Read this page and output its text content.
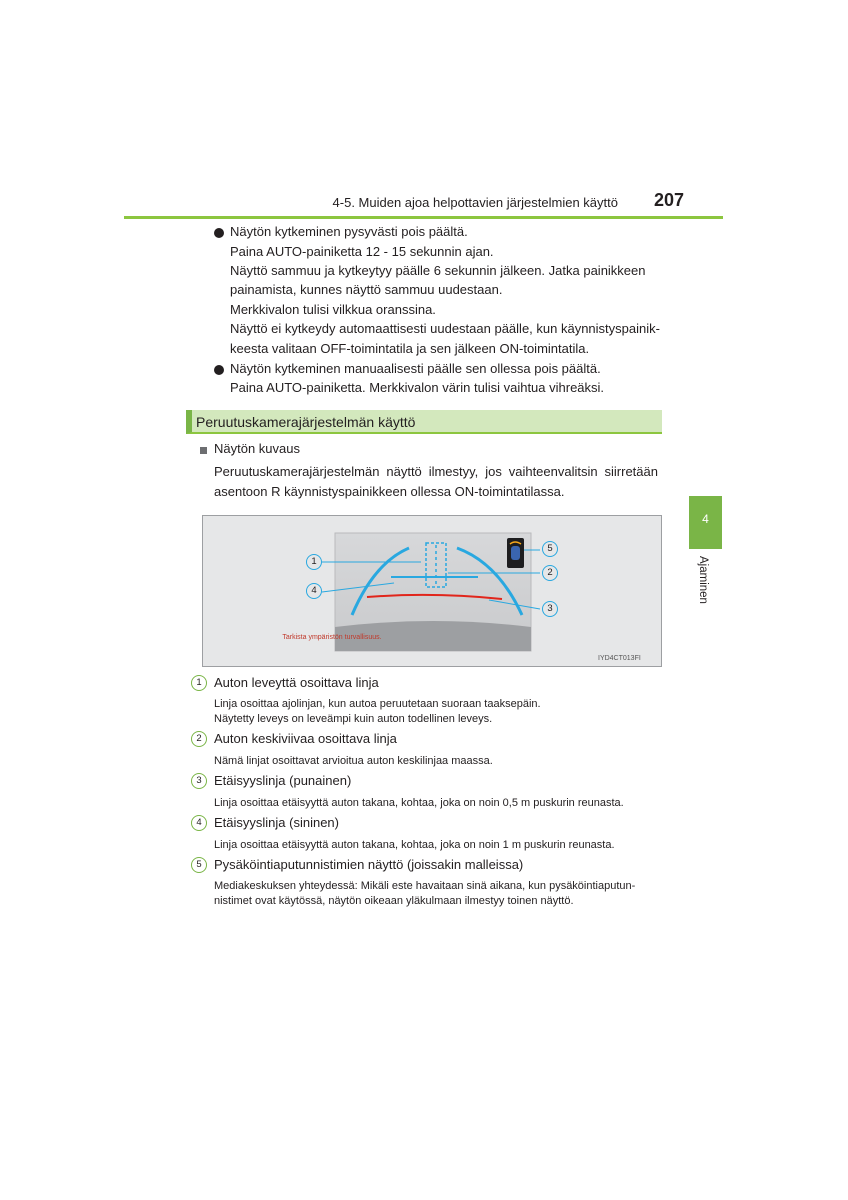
4-5. Muiden ajoa helpottavien järjestelmien käyttö	207
4
Ajaminen
Näytön kytkeminen pysyvästi pois päältä.
Paina AUTO-painiketta 12 - 15 sekunnin ajan.
Näyttö sammuu ja kytkeytyy päälle 6 sekunnin jälkeen. Jatka painikkeen
painamista, kunnes näyttö sammuu uudestaan.
Merkkivalon tulisi vilkkua oranssina.
Näyttö ei kytkeydy automaattisesti uudestaan päälle, kun käynnistyspainik-
keesta valitaan OFF-toimintatila ja sen jälkeen ON-toimintatila.
Näytön kytkeminen manuaalisesti päälle sen ollessa pois päältä.
Paina AUTO-painiketta. Merkkivalon värin tulisi vaihtua vihreäksi.
Peruutuskamerajärjestelmän käyttö
Näytön kuvaus
Peruutuskamerajärjestelmän näyttö ilmestyy, jos vaihteenvalitsin siirretään
asentoon R käynnistyspainikkeen ollessa ON-toimintatilassa.
Tarkista ympäristön turvallisuus.
IYD4CT013FI
1
2
3
4
5
1 Auton leveyttä osoittava linja
Linja osoittaa ajolinjan, kun autoa peruutetaan suoraan taaksepäin.
Näytetty leveys on leveämpi kuin auton todellinen leveys.
2 Auton keskiviivaa osoittava linja
Nämä linjat osoittavat arvioitua auton keskilinjaa maassa.
3 Etäisyyslinja (punainen)
Linja osoittaa etäisyyttä auton takana, kohtaa, joka on noin 0,5 m puskurin reunasta.
4 Etäisyyslinja (sininen)
Linja osoittaa etäisyyttä auton takana, kohtaa, joka on noin 1 m puskurin reunasta.
5 Pysäköintiaputunnistimien näyttö (joissakin malleissa)
Mediakeskuksen yhteydessä: Mikäli este havaitaan sinä aikana, kun pysäköintiaputun-
nistimet ovat käytössä, näytön oikeaan yläkulmaan ilmestyy toinen näyttö.
